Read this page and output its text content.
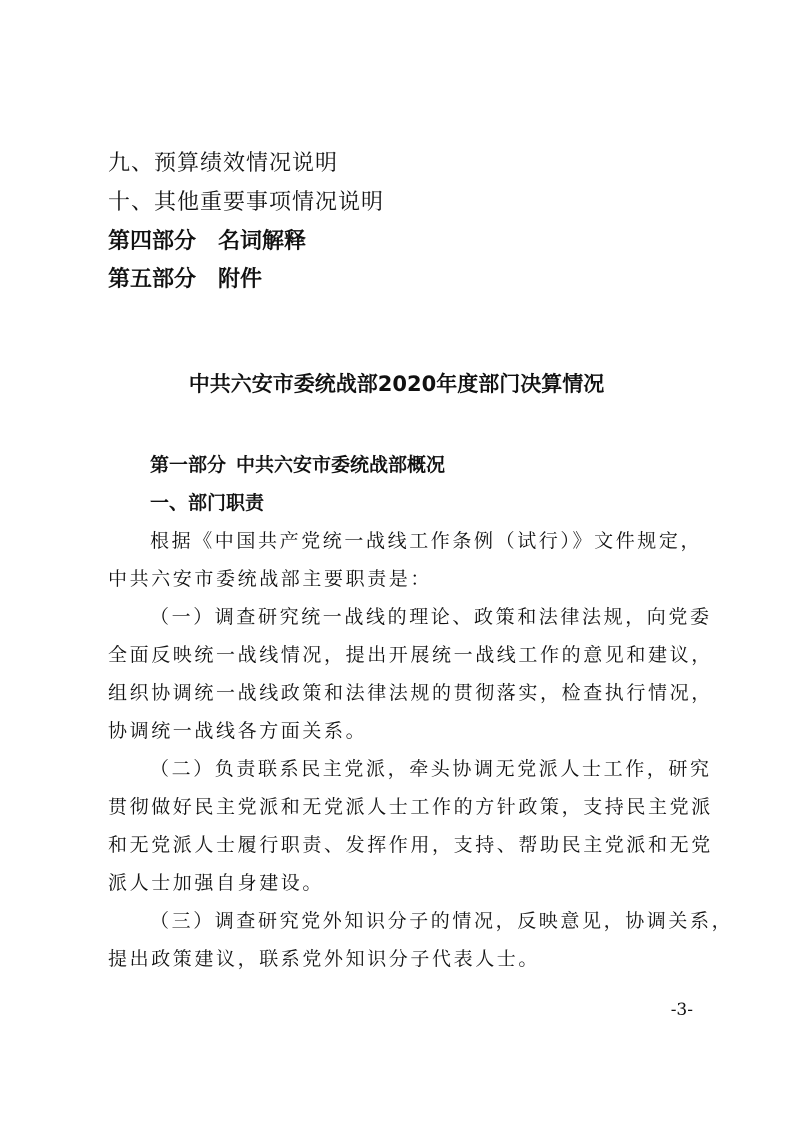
九、预算绩效情况说明
十、其他重要事项情况说明
第四部分 名词解释
第五部分 附件
中共六安市委统战部2020年度部门决算情况
第一部分 中共六安市委统战部概况
一、部门职责
根据《中国共产党统一战线工作条例（试行）》文件规定，
中共六安市委统战部主要职责是：
（一）调查研究统一战线的理论、政策和法律法规，向党委
全面反映统一战线情况，提出开展统一战线工作的意见和建议，
组织协调统一战线政策和法律法规的贯彻落实，检查执行情况，
协调统一战线各方面关系。
（二）负责联系民主党派，牵头协调无党派人士工作，研究
贯彻做好民主党派和无党派人士工作的方针政策，支持民主党派
和无党派人士履行职责、发挥作用，支持、帮助民主党派和无党
派人士加强自身建设。
（三）调查研究党外知识分子的情况，反映意见，协调关系，
提出政策建议，联系党外知识分子代表人士。
-3-
